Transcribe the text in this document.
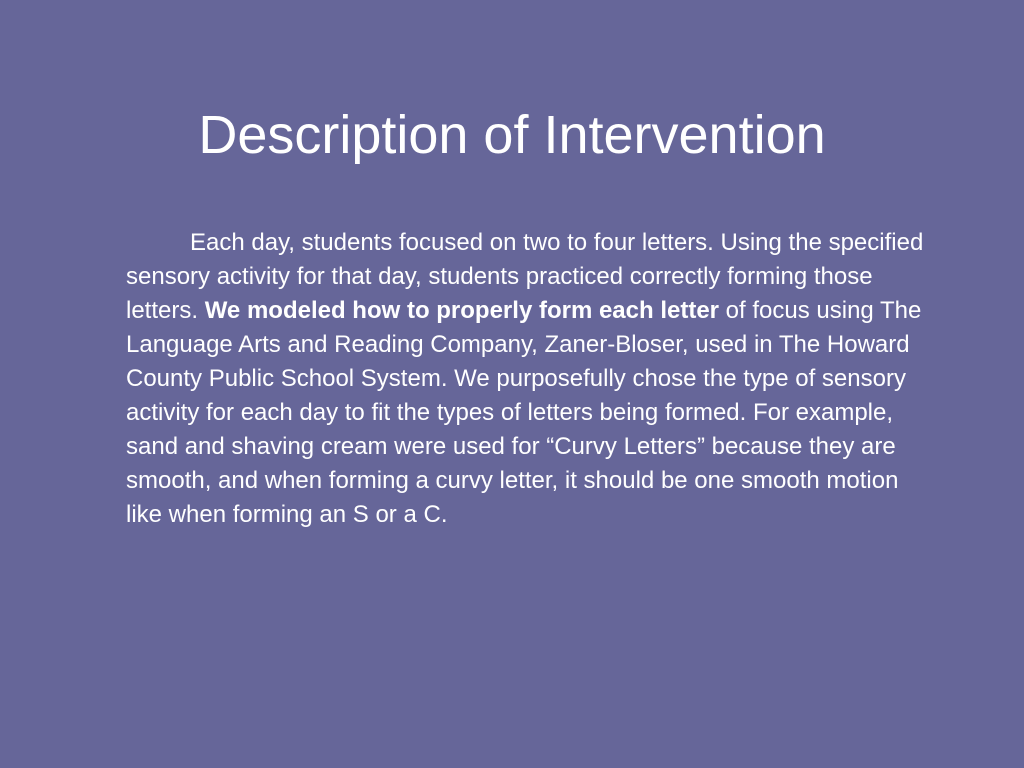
Description of Intervention

Each day, students focused on two to four letters. Using the specified sensory activity for that day, students practiced correctly forming those letters. We modeled how to properly form each letter of focus using The Language Arts and Reading Company, Zaner-Bloser, used in The Howard County Public School System. We purposefully chose the type of sensory activity for each day to fit the types of letters being formed. For example, sand and shaving cream were used for “Curvy Letters” because they are smooth, and when forming a curvy letter, it should be one smooth motion like when forming an S or a C.
